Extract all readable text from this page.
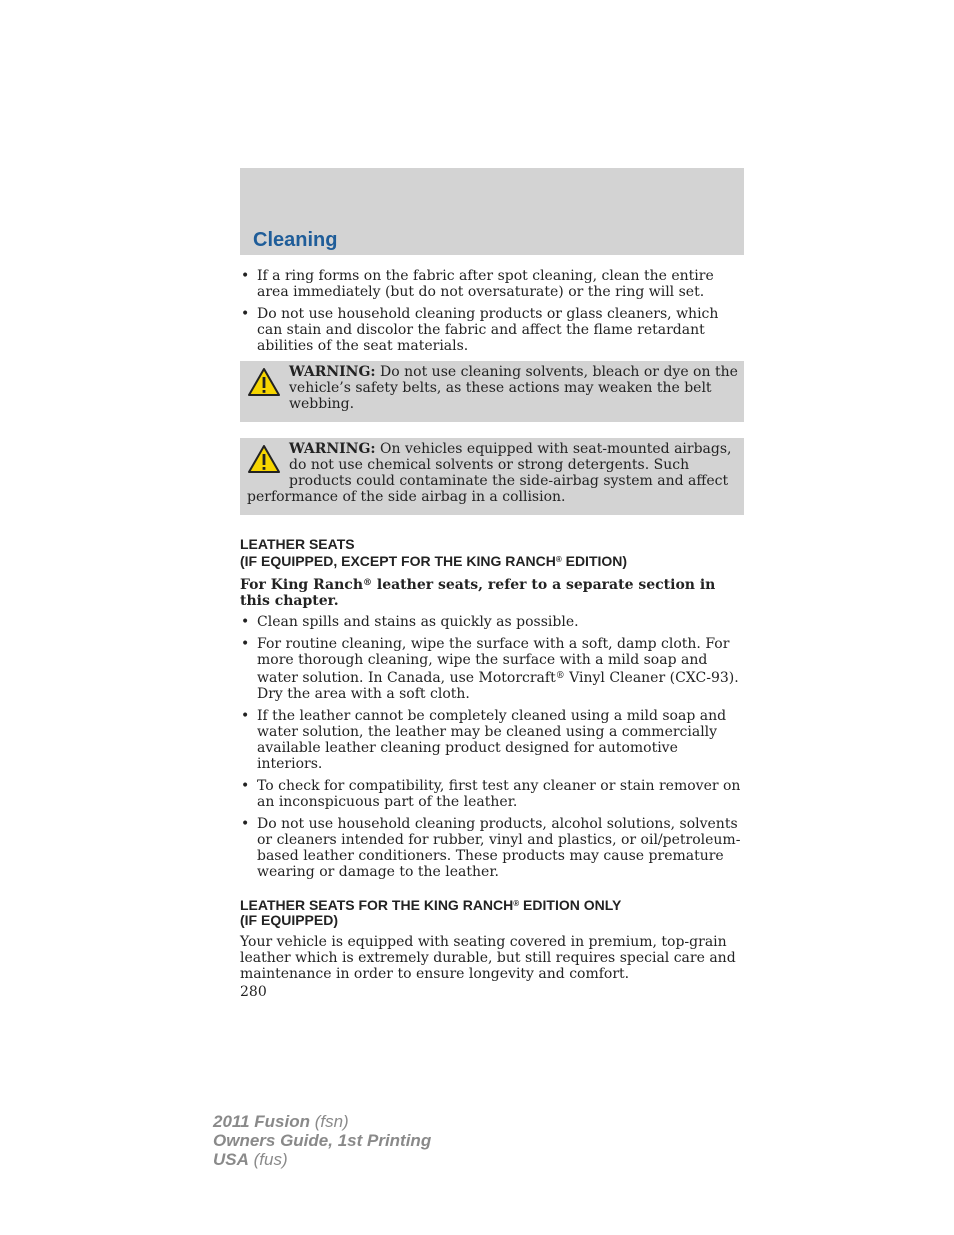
Cleaning
• If a ring forms on the fabric after spot cleaning, clean the entire area immediately (but do not oversaturate) or the ring will set.
• Do not use household cleaning products or glass cleaners, which can stain and discolor the fabric and affect the flame retardant abilities of the seat materials.
WARNING: Do not use cleaning solvents, bleach or dye on the vehicle’s safety belts, as these actions may weaken the belt webbing.
WARNING: On vehicles equipped with seat-mounted airbags, do not use chemical solvents or strong detergents. Such products could contaminate the side-airbag system and affect performance of the side airbag in a collision.
LEATHER SEATS
(IF EQUIPPED, EXCEPT FOR THE KING RANCH® EDITION)

For King Ranch® leather seats, refer to a separate section in this chapter.

• Clean spills and stains as quickly as possible.
• For routine cleaning, wipe the surface with a soft, damp cloth. For more thorough cleaning, wipe the surface with a mild soap and water solution. In Canada, use Motorcraft® Vinyl Cleaner (CXC-93). Dry the area with a soft cloth.
• If the leather cannot be completely cleaned using a mild soap and water solution, the leather may be cleaned using a commercially available leather cleaning product designed for automotive interiors.
• To check for compatibility, first test any cleaner or stain remover on an inconspicuous part of the leather.
• Do not use household cleaning products, alcohol solutions, solvents or cleaners intended for rubber, vinyl and plastics, or oil/petroleum-based leather conditioners. These products may cause premature wearing or damage to the leather.
LEATHER SEATS FOR THE KING RANCH® EDITION ONLY
(IF EQUIPPED)

Your vehicle is equipped with seating covered in premium, top-grain leather which is extremely durable, but still requires special care and maintenance in order to ensure longevity and comfort.

280
2011 Fusion (fsn)
Owners Guide, 1st Printing
USA (fus)
